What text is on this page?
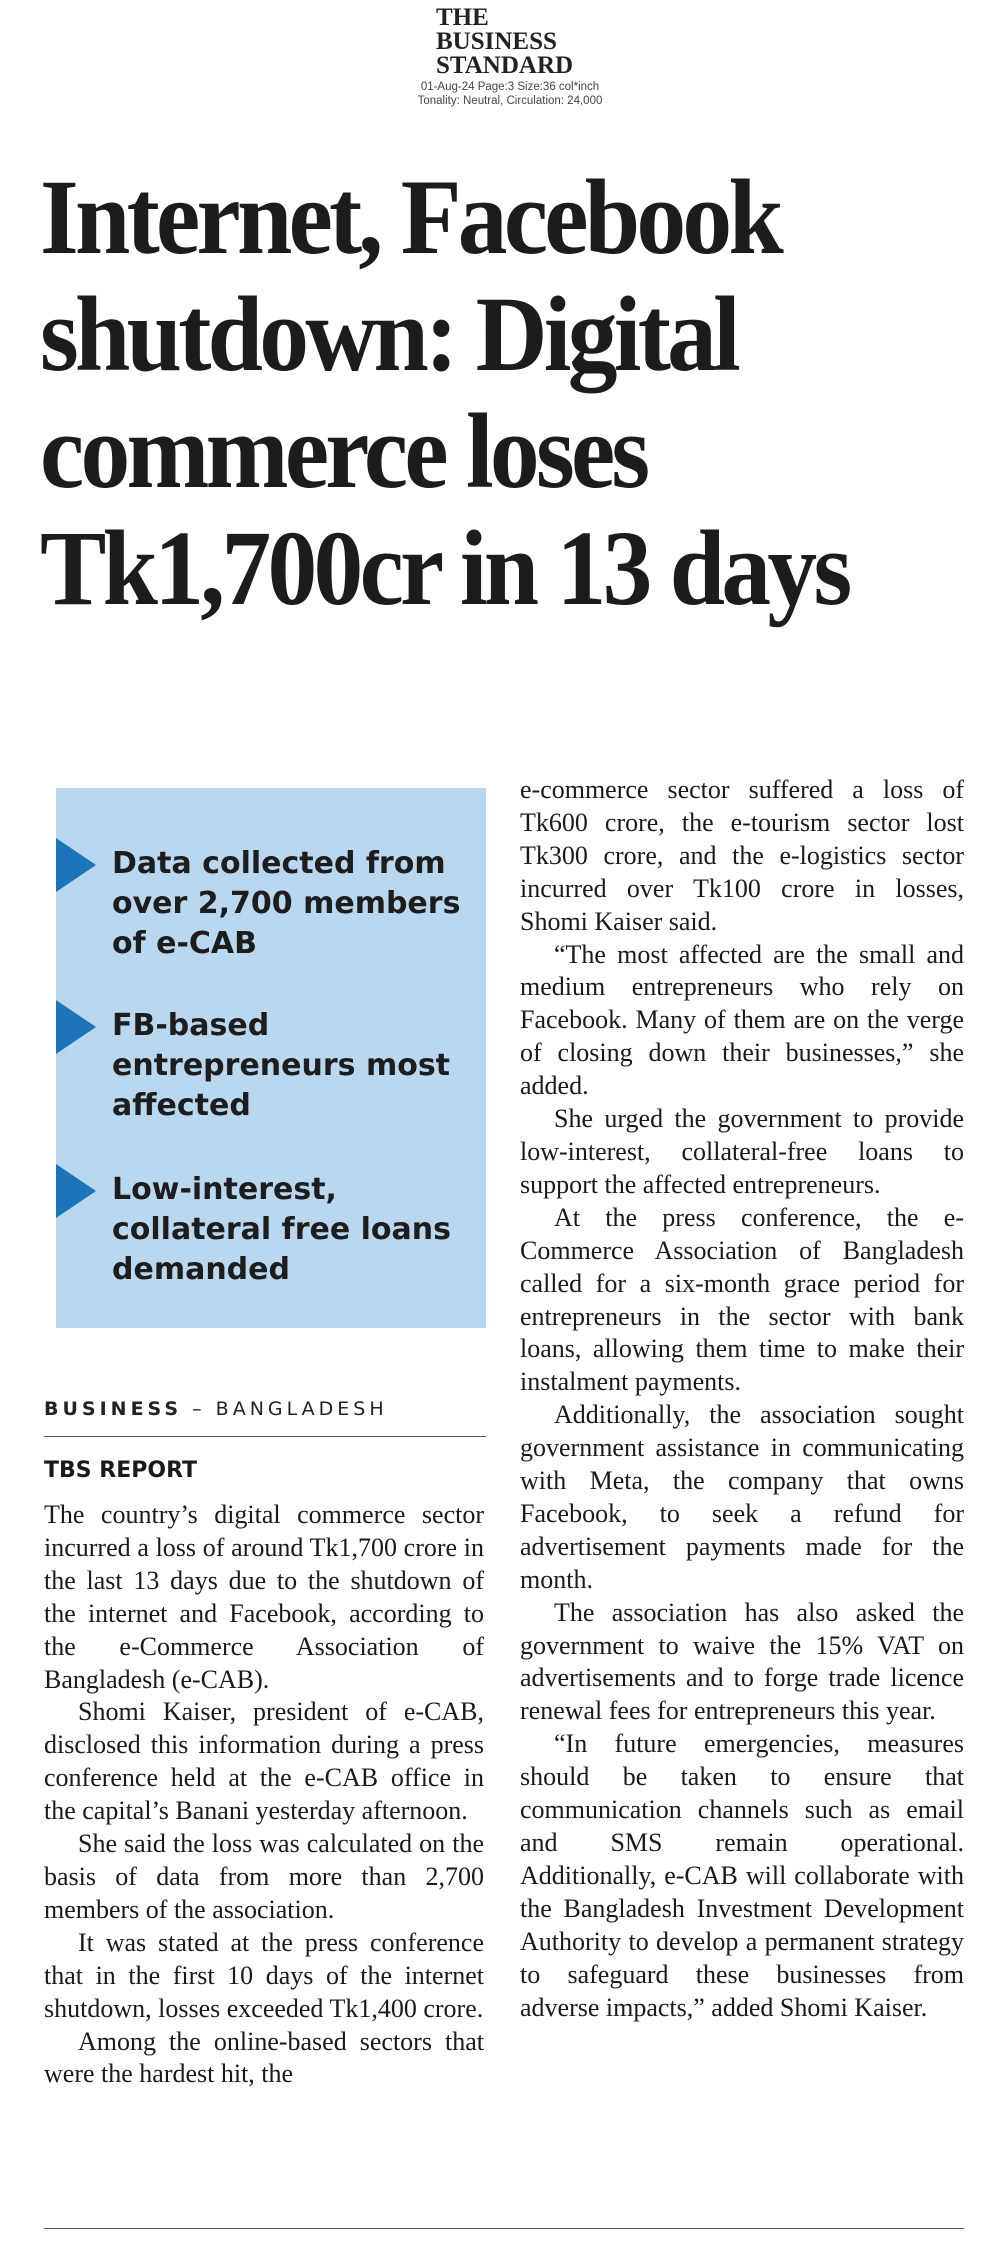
THE
BUSINESS
STANDARD
01-Aug-24 Page:3 Size:36 col*inch
Tonality: Neutral, Circulation: 24,000
Internet, Facebook
shutdown: Digital
commerce loses
Tk1,700cr in 13 days
Data collected from over 2,700 members of e-CAB
FB-based entrepreneurs most affected
Low-interest, collateral free loans demanded
BUSINESS – BANGLADESH
TBS REPORT

The country’s digital commerce sector incurred a loss of around Tk1,700 crore in the last 13 days due to the shutdown of the internet and Facebook, according to the e-Commerce Association of Bangladesh (e-CAB).

Shomi Kaiser, president of e-CAB, disclosed this information during a press conference held at the e-CAB office in the capital’s Banani yesterday afternoon.

She said the loss was calculated on the basis of data from more than 2,700 members of the association.

It was stated at the press conference that in the first 10 days of the internet shutdown, losses exceeded Tk1,400 crore.

Among the online-based sectors that were the hardest hit, the

e-commerce sector suffered a loss of Tk600 crore, the e-tourism sector lost Tk300 crore, and the e-logistics sector incurred over Tk100 crore in losses, Shomi Kaiser said.

“The most affected are the small and medium entrepreneurs who rely on Facebook. Many of them are on the verge of closing down their businesses,” she added.

She urged the government to provide low-interest, collateral-free loans to support the affected entrepreneurs.

At the press conference, the e-Commerce Association of Bangladesh called for a six-month grace period for entrepreneurs in the sector with bank loans, allowing them time to make their instalment payments.

Additionally, the association sought government assistance in communicating with Meta, the company that owns Facebook, to seek a refund for advertisement payments made for the month.

The association has also asked the government to waive the 15% VAT on advertisements and to forge trade licence renewal fees for entrepreneurs this year.

“In future emergencies, measures should be taken to ensure that communication channels such as email and SMS remain operational. Additionally, e-CAB will collaborate with the Bangladesh Investment Development Authority to develop a permanent strategy to safeguard these businesses from adverse impacts,” added Shomi Kaiser.
